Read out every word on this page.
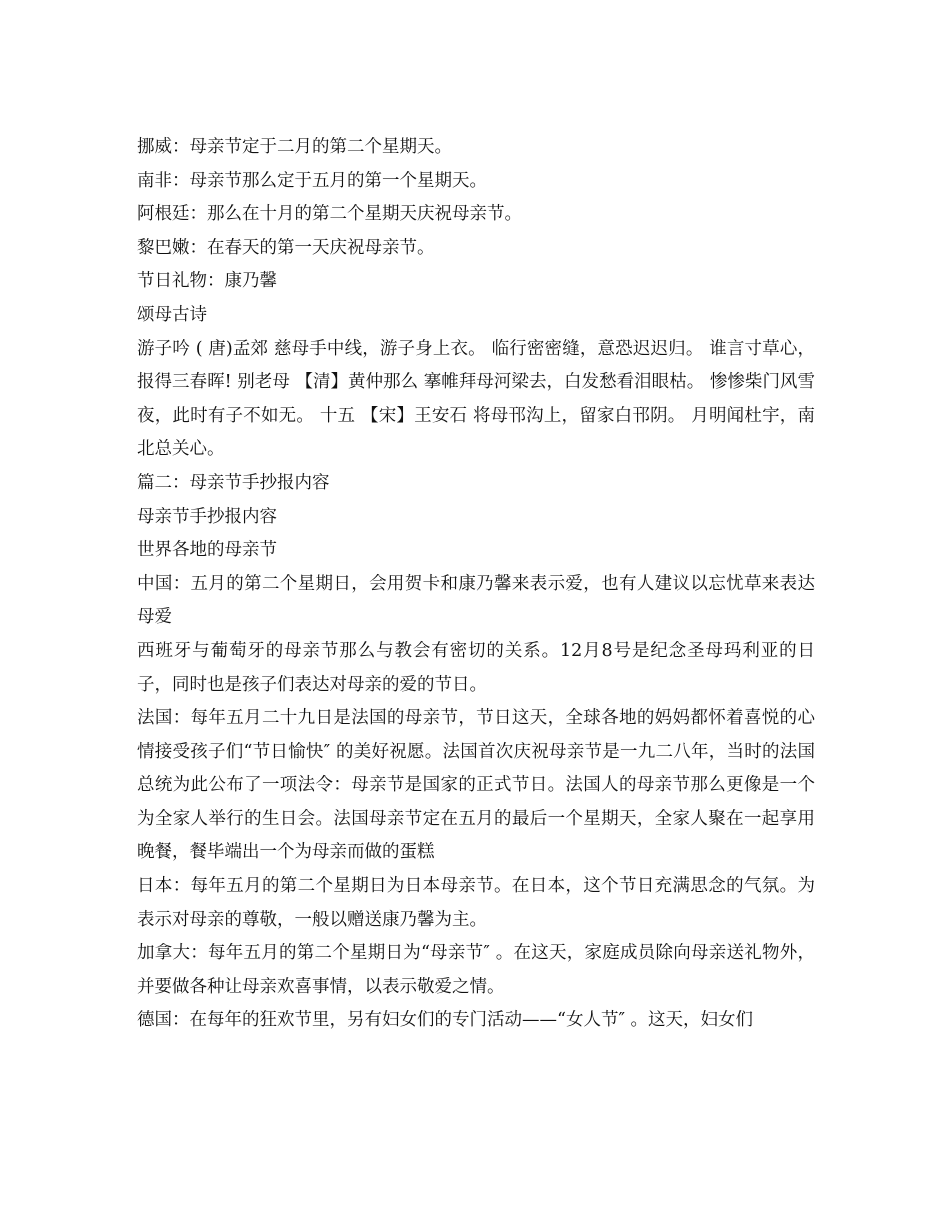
挪威：母亲节定于二月的第二个星期天。

南非：母亲节那么定于五月的第一个星期天。

阿根廷：那么在十月的第二个星期天庆祝母亲节。

黎巴嫩：在春天的第一天庆祝母亲节。

节日礼物：康乃馨

颂母古诗

游子吟 ( 唐)孟郊 慈母手中线，游子身上衣。 临行密密缝，意恐迟迟归。 谁言寸草心，报得三春晖! 别老母 【清】黄仲那么 搴帷拜母河梁去，白发愁看泪眼枯。 惨惨柴门风雪夜，此时有子不如无。 十五 【宋】王安石 将母邗沟上，留家白邗阴。 月明闻杜宇，南北总关心。

篇二：母亲节手抄报内容

母亲节手抄报内容

世界各地的母亲节

中国：五月的第二个星期日，会用贺卡和康乃馨来表示爱，也有人建议以忘忧草来表达母爱

西班牙与葡萄牙的母亲节那么与教会有密切的关系。12月8号是纪念圣母玛利亚的日子，同时也是孩子们表达对母亲的爱的节日。

法国：每年五月二十九日是法国的母亲节，节日这天，全球各地的妈妈都怀着喜悦的心情接受孩子们“节日愉快″ 的美好祝愿。法国首次庆祝母亲节是一九二八年，当时的法国总统为此公布了一项法令：母亲节是国家的正式节日。法国人的母亲节那么更像是一个为全家人举行的生日会。法国母亲节定在五月的最后一个星期天，全家人聚在一起享用晚餐，餐毕端出一个为母亲而做的蛋糕

日本：每年五月的第二个星期日为日本母亲节。在日本，这个节日充满思念的气氛。为表示对母亲的尊敬，一般以赠送康乃馨为主。

加拿大：每年五月的第二个星期日为“母亲节″ 。在这天，家庭成员除向母亲送礼物外，并要做各种让母亲欢喜事情，以表示敬爱之情。

德国：在每年的狂欢节里，另有妇女们的专门活动——“女人节″ 。这天，妇女们
